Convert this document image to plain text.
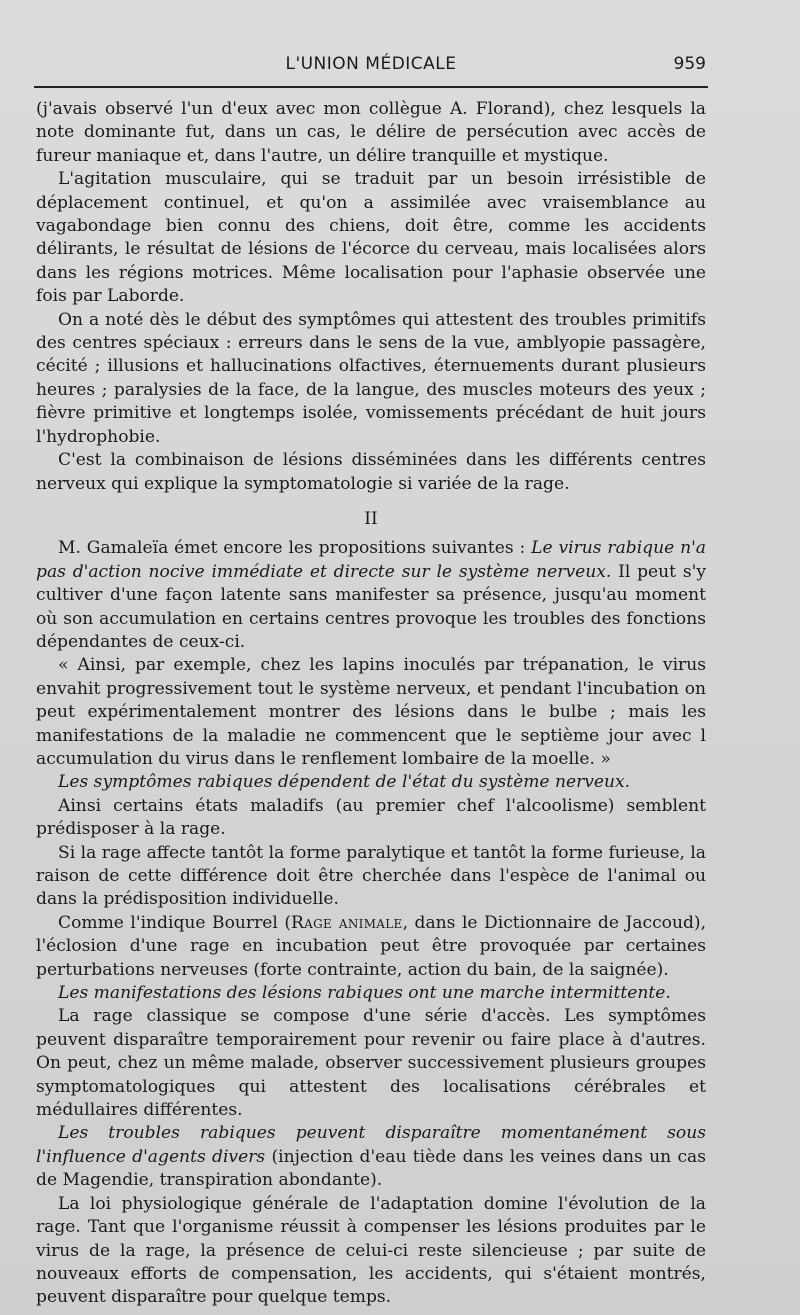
L'UNION MÉDICALE	959

(j'avais observé l'un d'eux avec mon collègue A. Florand), chez lesquels la note dominante fut, dans un cas, le délire de persécution avec accès de fureur maniaque et, dans l'autre, un délire tranquille et mystique.

L'agitation musculaire, qui se traduit par un besoin irrésistible de déplacement continuel, et qu'on a assimilée avec vraisemblance au vagabondage bien connu des chiens, doit être, comme les accidents délirants, le résultat de lésions de l'écorce du cerveau, mais localisées alors dans les régions motrices. Même localisation pour l'aphasie observée une fois par Laborde.

On a noté dès le début des symptômes qui attestent des troubles primitifs des centres spéciaux : erreurs dans le sens de la vue, amblyopie passagère, cécité ; illusions et hallucinations olfactives, éternuements durant plusieurs heures ; paralysies de la face, de la langue, des muscles moteurs des yeux ; fièvre primitive et longtemps isolée, vomissements précédant de huit jours l'hydrophobie.

C'est la combinaison de lésions disséminées dans les différents centres nerveux qui explique la symptomatologie si variée de la rage.

II

M. Gamaleïa émet encore les propositions suivantes : Le virus rabique n'a pas d'action nocive immédiate et directe sur le système nerveux. Il peut s'y cultiver d'une façon latente sans manifester sa présence, jusqu'au moment où son accumulation en certains centres provoque les troubles des fonctions dépendantes de ceux-ci.

« Ainsi, par exemple, chez les lapins inoculés par trépanation, le virus envahit progressivement tout le système nerveux, et pendant l'incubation on peut expérimentalement montrer des lésions dans le bulbe ; mais les manifestations de la maladie ne commencent que le septième jour avec l accumulation du virus dans le renflement lombaire de la moelle. »

Les symptômes rabiques dépendent de l'état du système nerveux.

Ainsi certains états maladifs (au premier chef l'alcoolisme) semblent prédisposer à la rage.

Si la rage affecte tantôt la forme paralytique et tantôt la forme furieuse, la raison de cette différence doit être cherchée dans l'espèce de l'animal ou dans la prédisposition individuelle.

Comme l'indique Bourrel (Rage animale, dans le Dictionnaire de Jaccoud), l'éclosion d'une rage en incubation peut être provoquée par certaines perturbations nerveuses (forte contrainte, action du bain, de la saignée).

Les manifestations des lésions rabiques ont une marche intermittente.

La rage classique se compose d'une série d'accès. Les symptômes peuvent disparaître temporairement pour revenir ou faire place à d'autres. On peut, chez un même malade, observer successivement plusieurs groupes symptomatologiques qui attestent des localisations cérébrales et médullaires différentes.

Les troubles rabiques peuvent disparaître momentanément sous l'influence d'agents divers (injection d'eau tiède dans les veines dans un cas de Magendie, transpiration abondante).

La loi physiologique générale de l'adaptation domine l'évolution de la rage. Tant que l'organisme réussit à compenser les lésions produites par le virus de la rage, la présence de celui-ci reste silencieuse ; par suite de nouveaux efforts de compensation, les accidents, qui s'étaient montrés, peuvent disparaître pour quelque temps.
